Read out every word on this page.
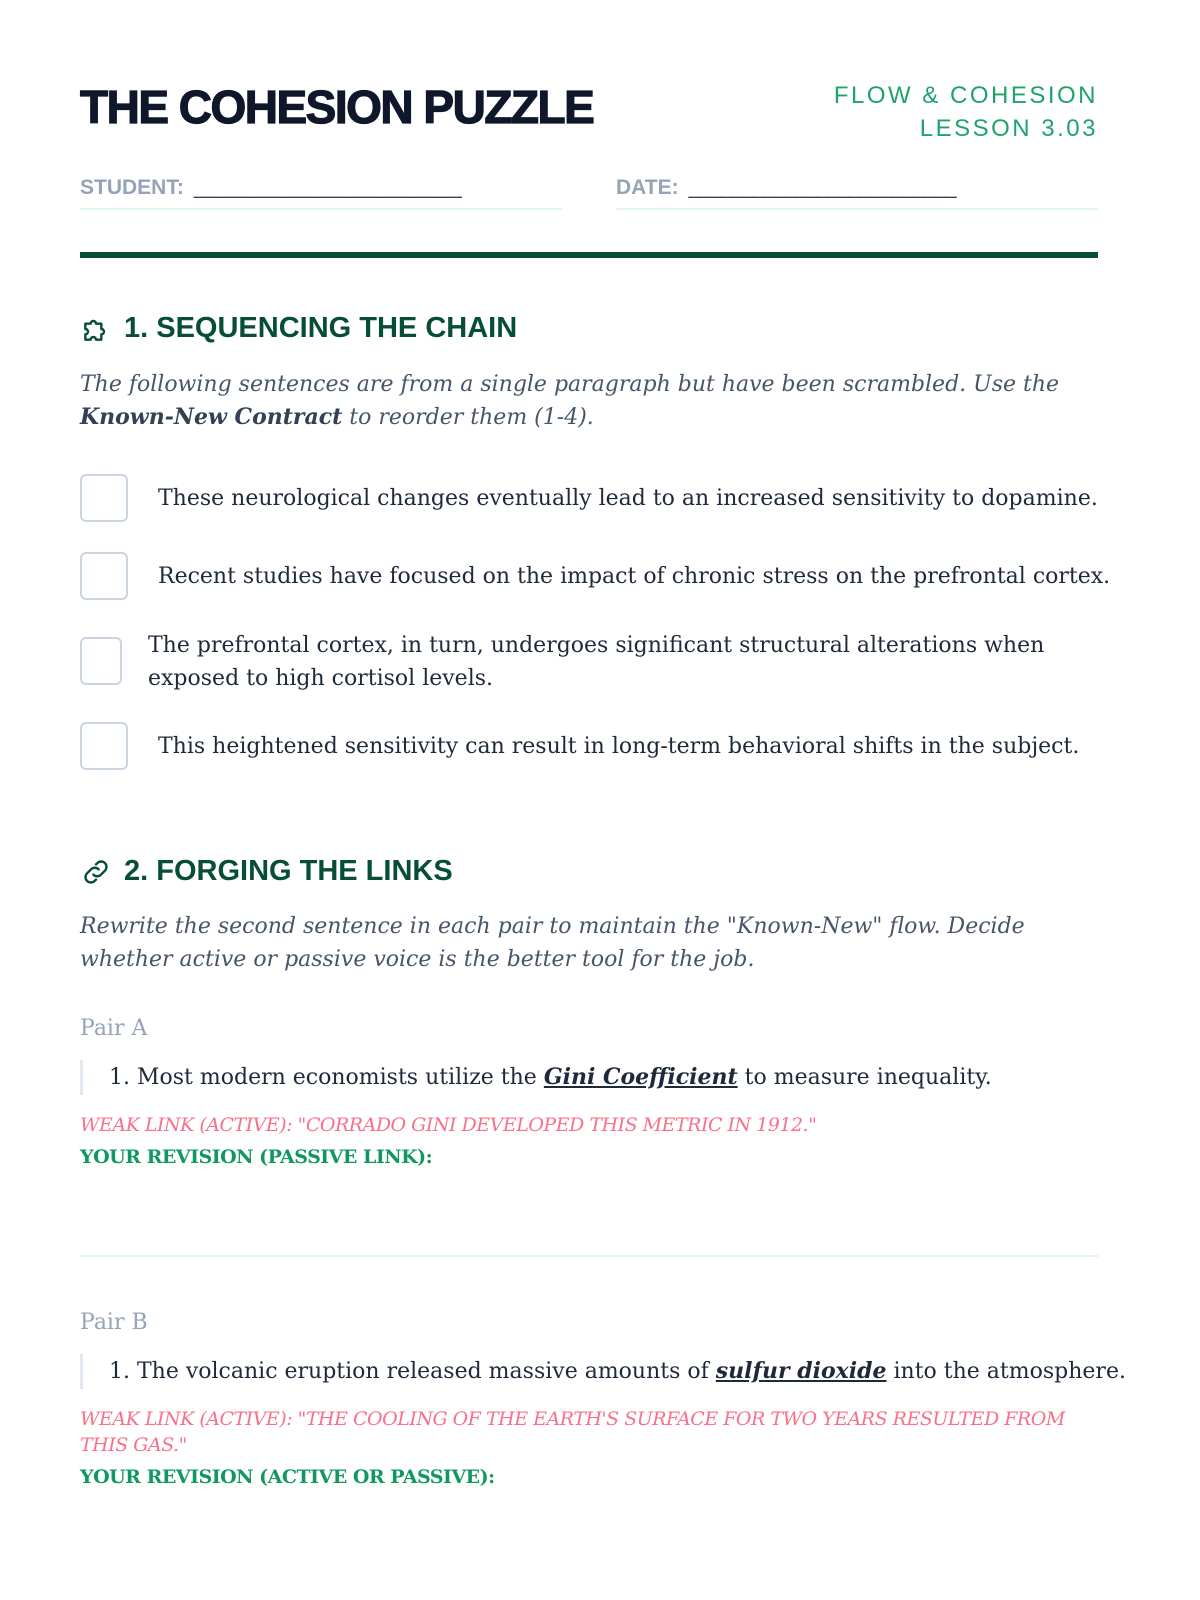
THE COHESION PUZZLE	FLOW & COHESION
LESSON 3.03
STUDENT: _________________________	DATE: _________________________
1. SEQUENCING THE CHAIN
The following sentences are from a single paragraph but have been scrambled. Use the Known-New Contract to reorder them (1-4).
These neurological changes eventually lead to an increased sensitivity to dopamine.
Recent studies have focused on the impact of chronic stress on the prefrontal cortex.
The prefrontal cortex, in turn, undergoes significant structural alterations when exposed to high cortisol levels.
This heightened sensitivity can result in long-term behavioral shifts in the subject.
2. FORGING THE LINKS
Rewrite the second sentence in each pair to maintain the "Known-New" flow. Decide whether active or passive voice is the better tool for the job.
Pair A
1. Most modern economists utilize the Gini Coefficient to measure inequality.
WEAK LINK (ACTIVE): "CORRADO GINI DEVELOPED THIS METRIC IN 1912."
YOUR REVISION (PASSIVE LINK):
Pair B
1. The volcanic eruption released massive amounts of sulfur dioxide into the atmosphere.
WEAK LINK (ACTIVE): "THE COOLING OF THE EARTH'S SURFACE FOR TWO YEARS RESULTED FROM THIS GAS."
YOUR REVISION (ACTIVE OR PASSIVE):
